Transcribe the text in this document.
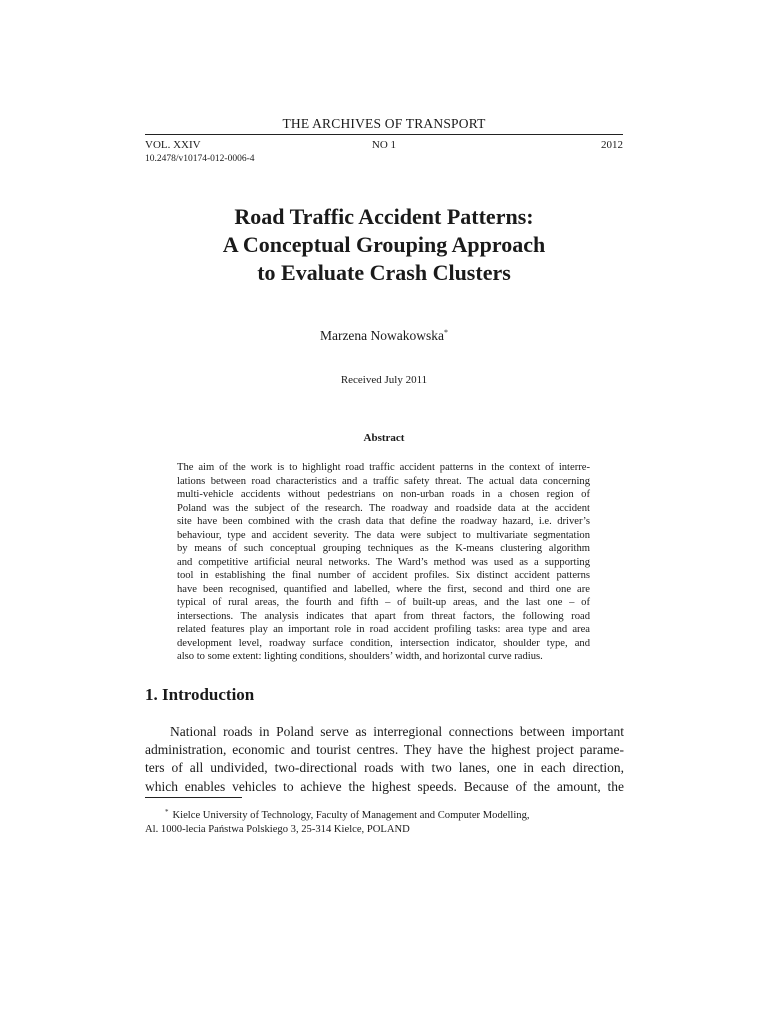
THE ARCHIVES OF TRANSPORT
VOL. XXIV	NO 1	2012
10.2478/v10174-012-0006-4
Road Traffic Accident Patterns:
A Conceptual Grouping Approach
to Evaluate Crash Clusters
Marzena Nowakowska*
Received July 2011
Abstract
The aim of the work is to highlight road traffic accident patterns in the context of interre-
lations between road characteristics and a traffic safety threat. The actual data concerning
multi-vehicle accidents without pedestrians on non-urban roads in a chosen region of
Poland was the subject of the research. The roadway and roadside data at the accident
site have been combined with the crash data that define the roadway hazard, i.e. driver’s
behaviour, type and accident severity. The data were subject to multivariate segmentation
by means of such conceptual grouping techniques as the K-means clustering algorithm
and competitive artificial neural networks. The Ward’s method was used as a supporting
tool in establishing the final number of accident profiles. Six distinct accident patterns
have been recognised, quantified and labelled, where the first, second and third one are
typical of rural areas, the fourth and fifth – of built-up areas, and the last one – of
intersections. The analysis indicates that apart from threat factors, the following road
related features play an important role in road accident profiling tasks: area type and area
development level, roadway surface condition, intersection indicator, shoulder type, and
also to some extent: lighting conditions, shoulders’ width, and horizontal curve radius.
1. Introduction
National roads in Poland serve as interregional connections between important
administration, economic and tourist centres. They have the highest project parame-
ters of all undivided, two-directional roads with two lanes, one in each direction,
which enables vehicles to achieve the highest speeds. Because of the amount, the
* Kielce University of Technology, Faculty of Management and Computer Modelling,
Al. 1000-lecia Państwa Polskiego 3, 25-314 Kielce, POLAND
